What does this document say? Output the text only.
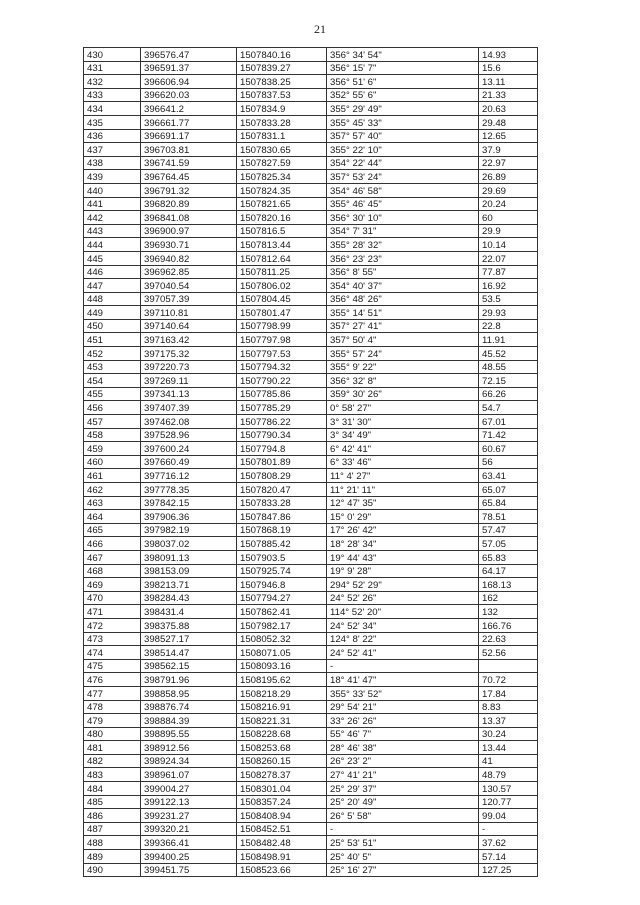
21
430	396576.47	1507840.16	356° 34' 54"	14.93
431	396591.37	1507839.27	356° 15' 7"	15.6
432	396606.94	1507838.25	356° 51' 6"	13.11
433	396620.03	1507837.53	352° 55' 6"	21.33
434	396641.2	1507834.9	355° 29' 49"	20.63
435	396661.77	1507833.28	355° 45' 33"	29.48
436	396691.17	1507831.1	357° 57' 40"	12.65
437	396703.81	1507830.65	355° 22' 10"	37.9
438	396741.59	1507827.59	354° 22' 44"	22.97
439	396764.45	1507825.34	357° 53' 24"	26.89
440	396791.32	1507824.35	354° 46' 58"	29.69
441	396820.89	1507821.65	355° 46' 45"	20.24
442	396841.08	1507820.16	356° 30' 10"	60
443	396900.97	1507816.5	354° 7' 31"	29.9
444	396930.71	1507813.44	355° 28' 32"	10.14
445	396940.82	1507812.64	356° 23' 23"	22.07
446	396962.85	1507811.25	356° 8' 55"	77.87
447	397040.54	1507806.02	354° 40' 37"	16.92
448	397057.39	1507804.45	356° 48' 26"	53.5
449	397110.81	1507801.47	355° 14' 51"	29.93
450	397140.64	1507798.99	357° 27' 41"	22.8
451	397163.42	1507797.98	357° 50' 4"	11.91
452	397175.32	1507797.53	355° 57' 24"	45.52
453	397220.73	1507794.32	355° 9' 22"	48.55
454	397269.11	1507790.22	356° 32' 8"	72.15
455	397341.13	1507785.86	359° 30' 26"	66.26
456	397407.39	1507785.29	0° 58' 27"	54.7
457	397462.08	1507786.22	3° 31' 30"	67.01
458	397528.96	1507790.34	3° 34' 49"	71.42
459	397600.24	1507794.8	6° 42' 41"	60.67
460	397660.49	1507801.89	6° 33' 46"	56
461	397716.12	1507808.29	11° 4' 27"	63.41
462	397778.35	1507820.47	11° 21' 11"	65.07
463	397842.15	1507833.28	12° 47' 35"	65.84
464	397906.36	1507847.86	15° 0' 29"	78.51
465	397982.19	1507868.19	17° 26' 42"	57.47
466	398037.02	1507885.42	18° 28' 34"	57.05
467	398091.13	1507903.5	19° 44' 43"	65.83
468	398153.09	1507925.74	19° 9' 28"	64.17
469	398213.71	1507946.8	294° 52' 29"	168.13
470	398284.43	1507794.27	24° 52' 26"	162
471	398431.4	1507862.41	114° 52' 20"	132
472	398375.88	1507982.17	24° 52' 34"	166.76
473	398527.17	1508052.32	124° 8' 22"	22.63
474	398514.47	1508071.05	24° 52' 41"	52.56
475	398562.15	1508093.16	-	
476	398791.96	1508195.62	18° 41' 47"	70.72
477	398858.95	1508218.29	355° 33' 52"	17.84
478	398876.74	1508216.91	29° 54' 21"	8.83
479	398884.39	1508221.31	33° 26' 26"	13.37
480	398895.55	1508228.68	55° 46' 7"	30.24
481	398912.56	1508253.68	28° 46' 38"	13.44
482	398924.34	1508260.15	26° 23' 2"	41
483	398961.07	1508278.37	27° 41' 21"	48.79
484	399004.27	1508301.04	25° 29' 37"	130.57
485	399122.13	1508357.24	25° 20' 49"	120.77
486	399231.27	1508408.94	26° 5' 58"	99.04
487	399320.21	1508452.51	-	-
488	399366.41	1508482.48	25° 53' 51"	37.62
489	399400.25	1508498.91	25° 40' 5"	57.14
490	399451.75	1508523.66	25° 16' 27"	127.25
